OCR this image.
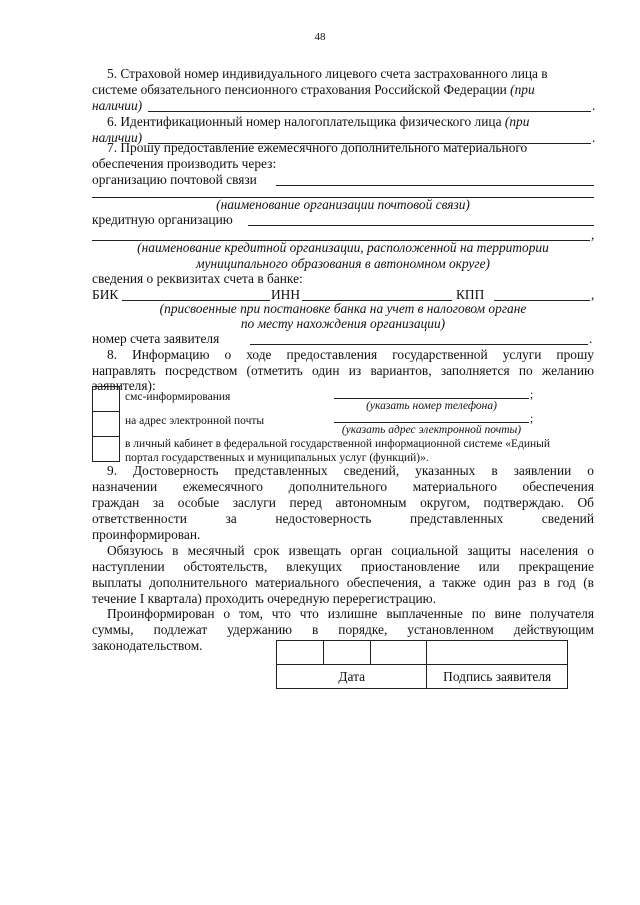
48
5. Страховой номер индивидуального лицевого счета застрахованного лица в
системе обязательного пенсионного страхования Российской Федерации (при
наличии)	.
6. Идентификационный номер налогоплательщика физического лица (при
наличии)	.
7. Прошу предоставление ежемесячного дополнительного материального
обеспечения производить через:
организацию почтовой связи
(наименование организации почтовой связи)
кредитную организацию
,
(наименование кредитной организации, расположенной на территории
муниципального образования в автономном округе)
сведения о реквизитах счета в банке:
БИК	ИНН	КПП	,
(присвоенные при постановке банка на учет в налоговом органе
по месту нахождения организации)
номер счета заявителя	.
8. Информацию о ходе предоставления государственной услуги прошу
направлять посредством (отметить один из вариантов, заполняется по желанию
заявителя):
смс-информирования	;
(указать номер телефона)
на адрес электронной почты	;
(указать адрес электронной почты)
в личный кабинет в федеральной государственной информационной системе «Единый
портал государственных и муниципальных услуг (функций)».
9. Достоверность представленных сведений, указанных в заявлении о
назначении ежемесячного дополнительного материального обеспечения
граждан за особые заслуги перед автономным округом, подтверждаю. Об
ответственности за недостоверность представленных сведений
проинформирован.
Обязуюсь в месячный срок извещать орган социальной защиты населения о
наступлении обстоятельств, влекущих приостановление или прекращение
выплаты дополнительного материального обеспечения, а также один раз в год (в
течение I квартала) проходить очередную перерегистрацию.
Проинформирован о том, что что излишне выплаченные по вине получателя
суммы, подлежат удержанию в порядке, установленном действующим
законодательством.

Дата			Подпись заявителя
